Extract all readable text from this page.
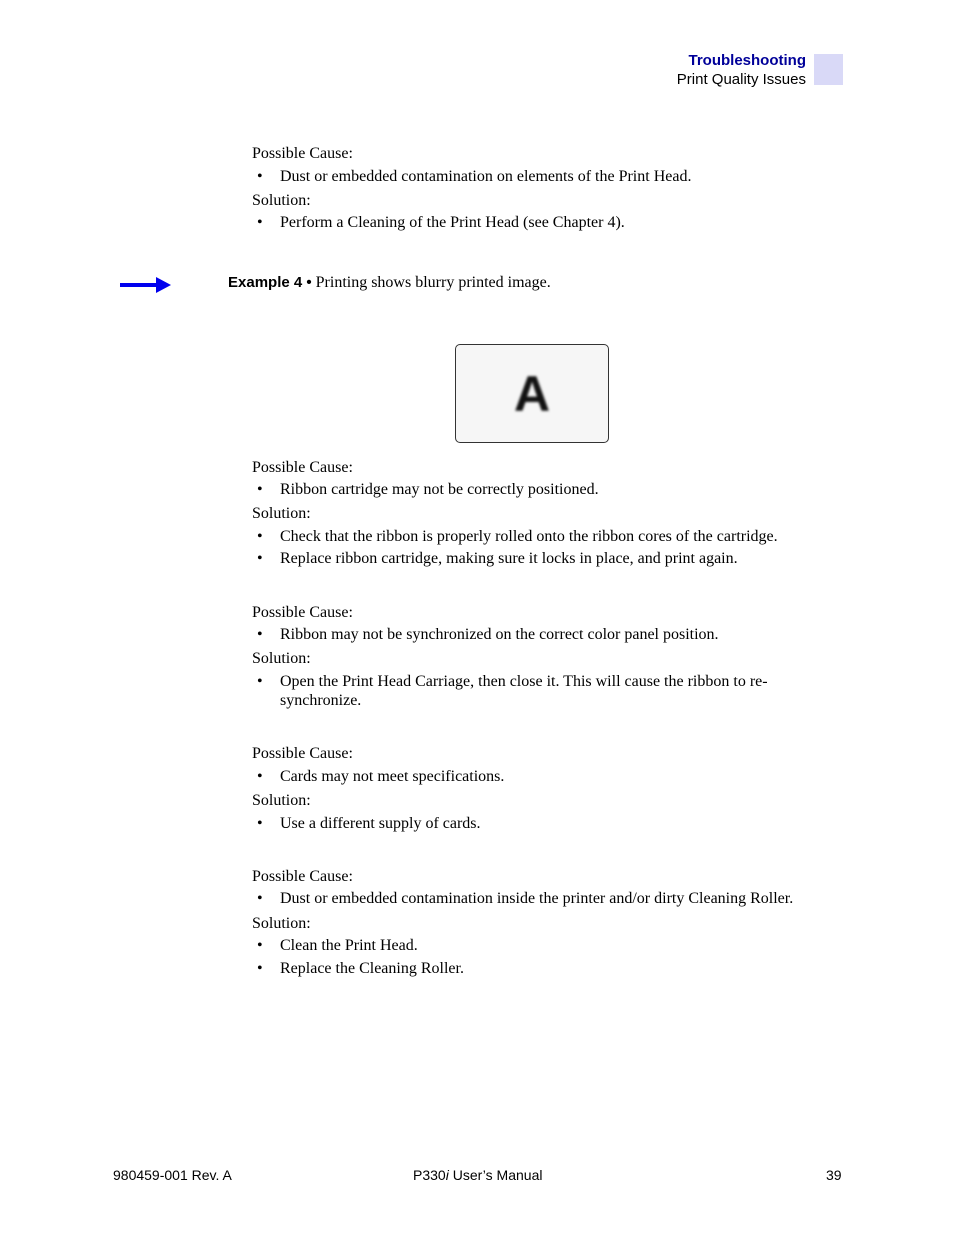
Troubleshooting
Print Quality Issues
Possible Cause:
• Dust or embedded contamination on elements of the Print Head.
Solution:
• Perform a Cleaning of the Print Head (see Chapter 4).
Example 4 • Printing shows blurry printed image.
A
Possible Cause:
• Ribbon cartridge may not be correctly positioned.
Solution:
• Check that the ribbon is properly rolled onto the ribbon cores of the cartridge.
• Replace ribbon cartridge, making sure it locks in place, and print again.
Possible Cause:
• Ribbon may not be synchronized on the correct color panel position.
Solution:
• Open the Print Head Carriage, then close it. This will cause the ribbon to re-
synchronize.
Possible Cause:
• Cards may not meet specifications.
Solution:
• Use a different supply of cards.
Possible Cause:
• Dust or embedded contamination inside the printer and/or dirty Cleaning Roller.
Solution:
• Clean the Print Head.
• Replace the Cleaning Roller.
980459-001 Rev. A	P330i User’s Manual	39
